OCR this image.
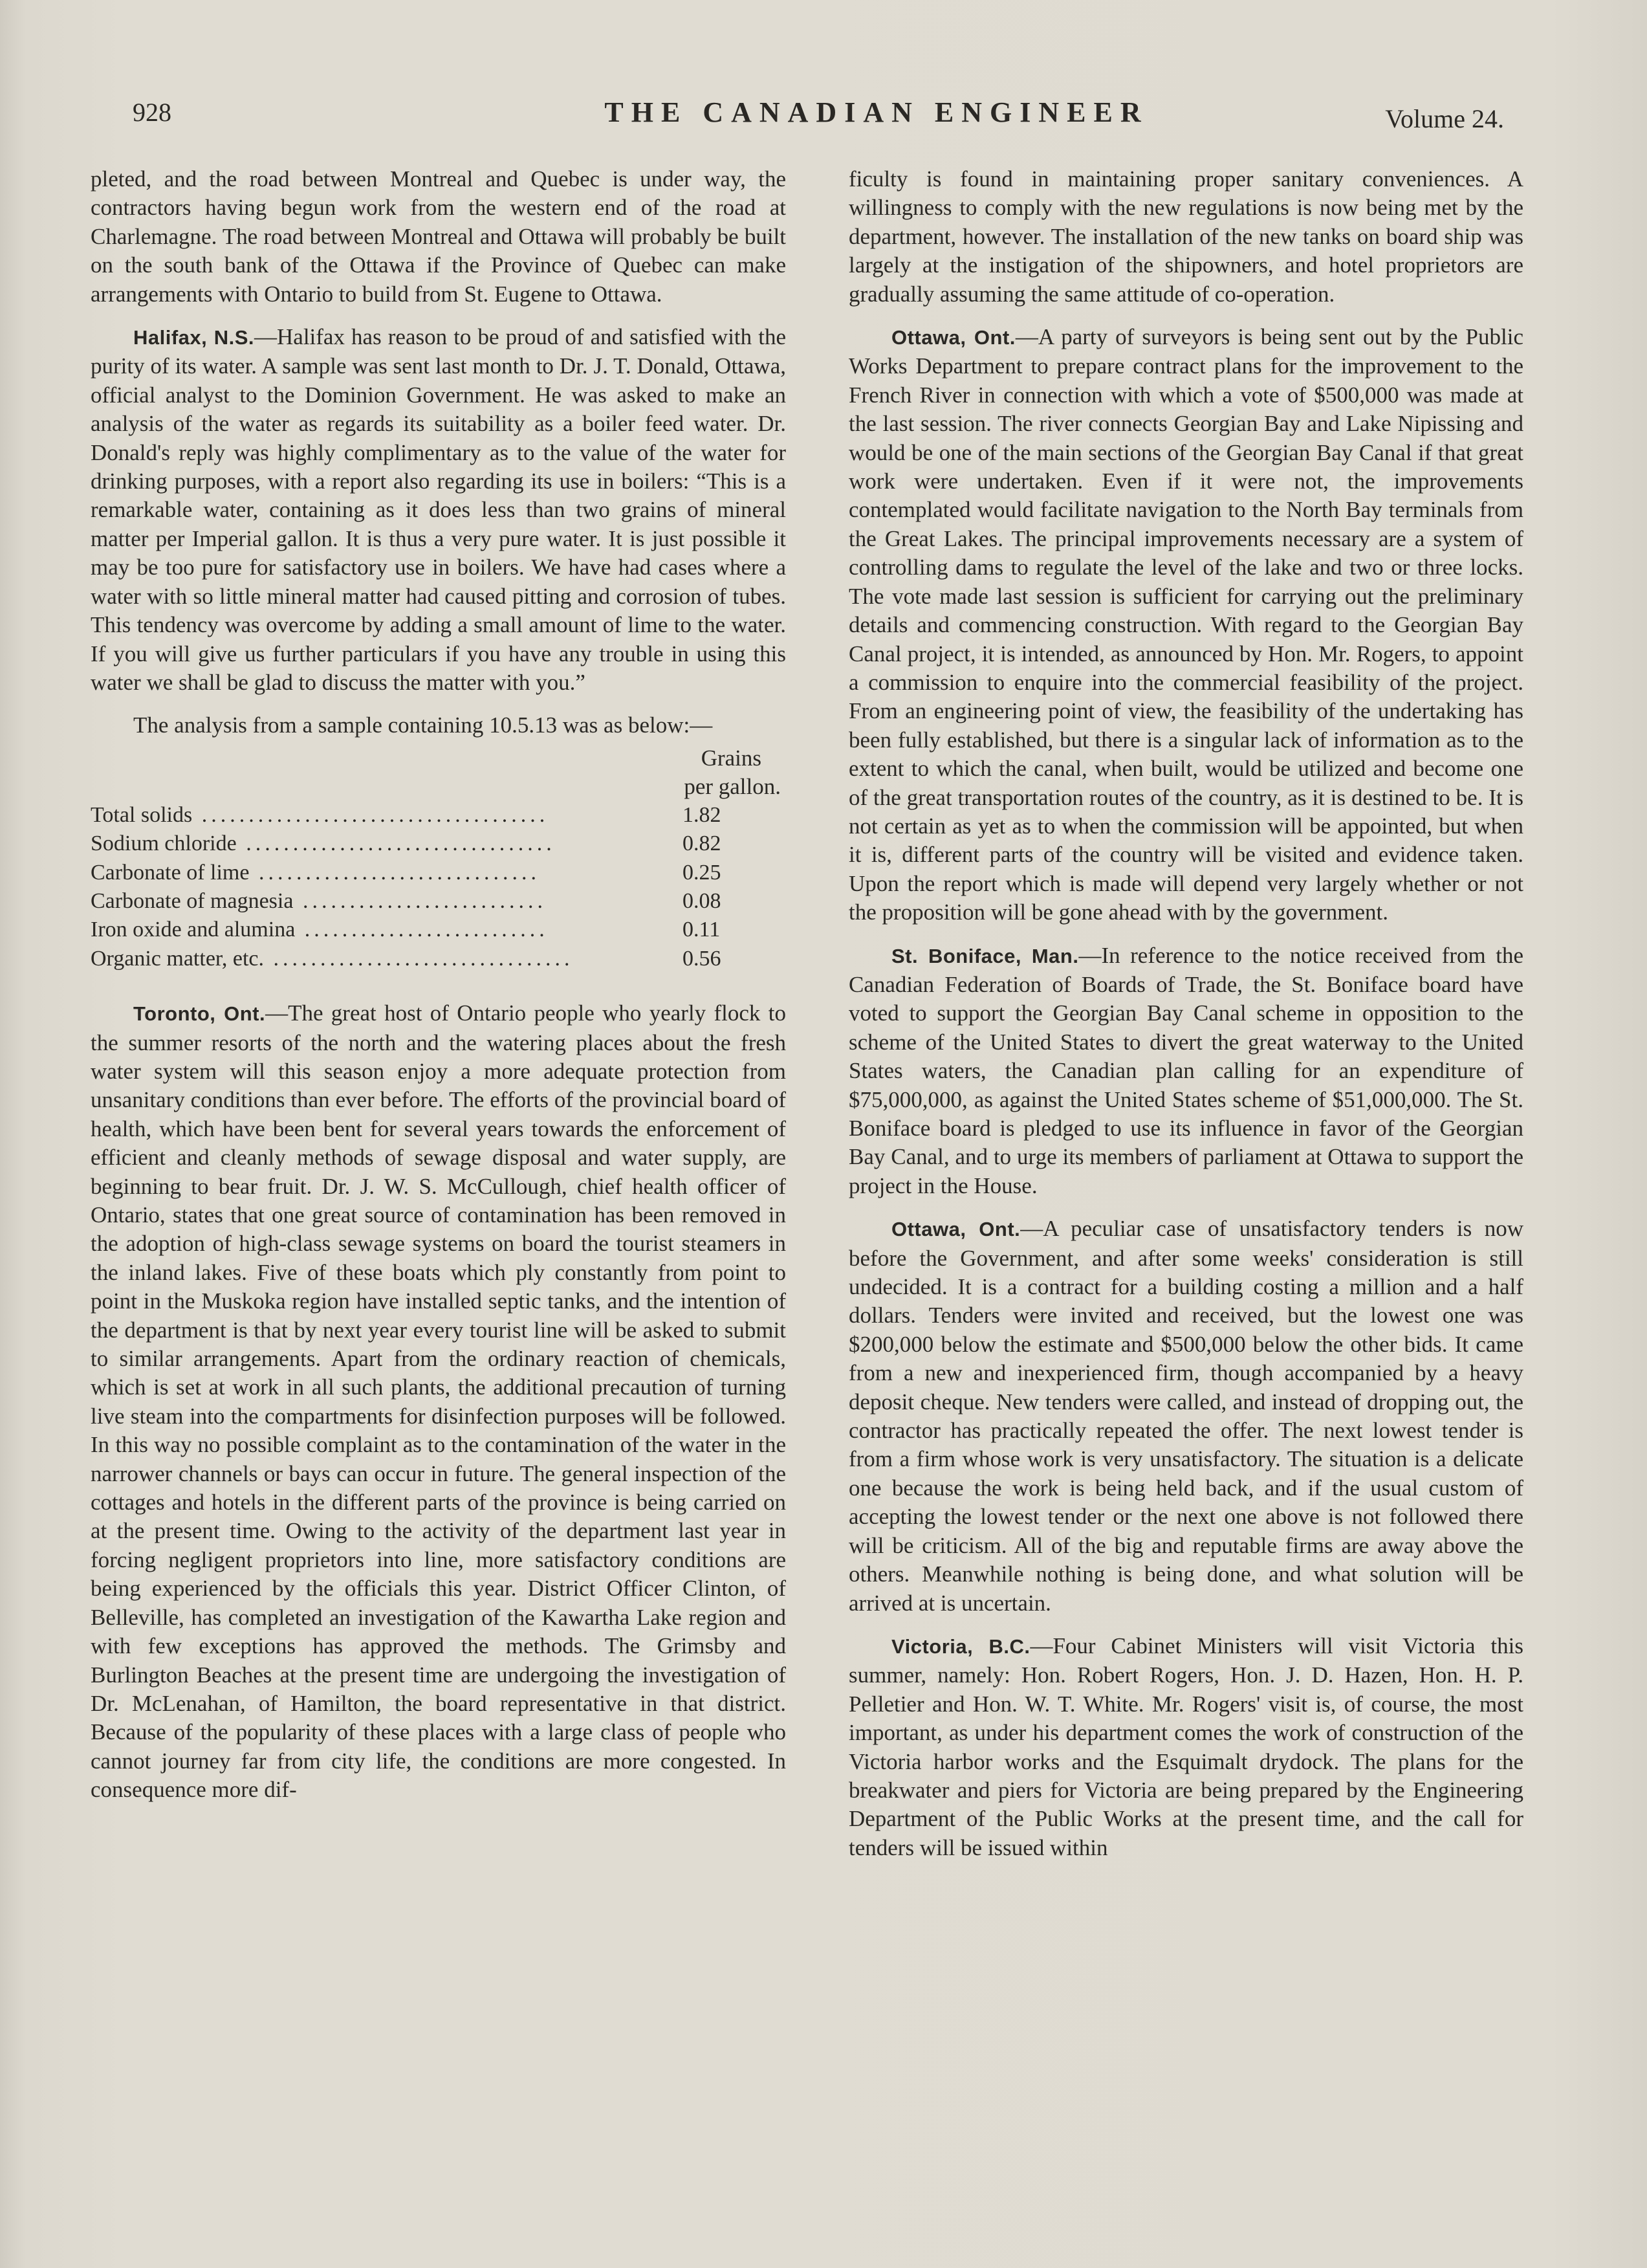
928	THE CANADIAN ENGINEER	Volume 24.

pleted, and the road between Montreal and Quebec is under way, the contractors having begun work from the western end of the road at Charlemagne. The road between Montreal and Ottawa will probably be built on the south bank of the Ottawa if the Province of Quebec can make arrangements with Ontario to build from St. Eugene to Ottawa.

Halifax, N.S.—Halifax has reason to be proud of and satisfied with the purity of its water. A sample was sent last month to Dr. J. T. Donald, Ottawa, official analyst to the Dominion Government. He was asked to make an analysis of the water as regards its suitability as a boiler feed water. Dr. Donald's reply was highly complimentary as to the value of the water for drinking purposes, with a report also regarding its use in boilers: “This is a remarkable water, containing as it does less than two grains of mineral matter per Imperial gallon. It is thus a very pure water. It is just possible it may be too pure for satisfactory use in boilers. We have had cases where a water with so little mineral matter had caused pitting and corrosion of tubes. This tendency was overcome by adding a small amount of lime to the water. If you will give us further particulars if you have any trouble in using this water we shall be glad to discuss the matter with you.”

The analysis from a sample containing 10.5.13 was as below:—

Grains
per gallon.
Total solids .....................................	1.82
Sodium chloride .................................	0.82
Carbonate of lime ..............................	0.25
Carbonate of magnesia ..........................	0.08
Iron oxide and alumina ..........................	0.11
Organic matter, etc. ................................	0.56

Toronto, Ont.—The great host of Ontario people who yearly flock to the summer resorts of the north and the watering places about the fresh water system will this season enjoy a more adequate protection from unsanitary conditions than ever before. The efforts of the provincial board of health, which have been bent for several years towards the enforcement of efficient and cleanly methods of sewage disposal and water supply, are beginning to bear fruit. Dr. J. W. S. McCullough, chief health officer of Ontario, states that one great source of contamination has been removed in the adoption of high-class sewage systems on board the tourist steamers in the inland lakes. Five of these boats which ply constantly from point to point in the Muskoka region have installed septic tanks, and the intention of the department is that by next year every tourist line will be asked to submit to similar arrangements. Apart from the ordinary reaction of chemicals, which is set at work in all such plants, the additional precaution of turning live steam into the compartments for disinfection purposes will be followed. In this way no possible complaint as to the contamination of the water in the narrower channels or bays can occur in future. The general inspection of the cottages and hotels in the different parts of the province is being carried on at the present time. Owing to the activity of the department last year in forcing negligent proprietors into line, more satisfactory conditions are being experienced by the officials this year. District Officer Clinton, of Belleville, has completed an investigation of the Kawartha Lake region and with few exceptions has approved the methods. The Grimsby and Burlington Beaches at the present time are undergoing the investigation of Dr. McLenahan, of Hamilton, the board representative in that district. Because of the popularity of these places with a large class of people who cannot journey far from city life, the conditions are more congested. In consequence more dif-

ficulty is found in maintaining proper sanitary conveniences. A willingness to comply with the new regulations is now being met by the department, however. The installation of the new tanks on board ship was largely at the instigation of the shipowners, and hotel proprietors are gradually assuming the same attitude of co-operation.

Ottawa, Ont.—A party of surveyors is being sent out by the Public Works Department to prepare contract plans for the improvement to the French River in connection with which a vote of $500,000 was made at the last session. The river connects Georgian Bay and Lake Nipissing and would be one of the main sections of the Georgian Bay Canal if that great work were undertaken. Even if it were not, the improvements contemplated would facilitate navigation to the North Bay terminals from the Great Lakes. The principal improvements necessary are a system of controlling dams to regulate the level of the lake and two or three locks. The vote made last session is sufficient for carrying out the preliminary details and commencing construction. With regard to the Georgian Bay Canal project, it is intended, as announced by Hon. Mr. Rogers, to appoint a commission to enquire into the commercial feasibility of the project. From an engineering point of view, the feasibility of the undertaking has been fully established, but there is a singular lack of information as to the extent to which the canal, when built, would be utilized and become one of the great transportation routes of the country, as it is destined to be. It is not certain as yet as to when the commission will be appointed, but when it is, different parts of the country will be visited and evidence taken. Upon the report which is made will depend very largely whether or not the proposition will be gone ahead with by the government.

St. Boniface, Man.—In reference to the notice received from the Canadian Federation of Boards of Trade, the St. Boniface board have voted to support the Georgian Bay Canal scheme in opposition to the scheme of the United States to divert the great waterway to the United States waters, the Canadian plan calling for an expenditure of $75,000,000, as against the United States scheme of $51,000,000. The St. Boniface board is pledged to use its influence in favor of the Georgian Bay Canal, and to urge its members of parliament at Ottawa to support the project in the House.

Ottawa, Ont.—A peculiar case of unsatisfactory tenders is now before the Government, and after some weeks' consideration is still undecided. It is a contract for a building costing a million and a half dollars. Tenders were invited and received, but the lowest one was $200,000 below the estimate and $500,000 below the other bids. It came from a new and inexperienced firm, though accompanied by a heavy deposit cheque. New tenders were called, and instead of dropping out, the contractor has practically repeated the offer. The next lowest tender is from a firm whose work is very unsatisfactory. The situation is a delicate one because the work is being held back, and if the usual custom of accepting the lowest tender or the next one above is not followed there will be criticism. All of the big and reputable firms are away above the others. Meanwhile nothing is being done, and what solution will be arrived at is uncertain.

Victoria, B.C.—Four Cabinet Ministers will visit Victoria this summer, namely: Hon. Robert Rogers, Hon. J. D. Hazen, Hon. H. P. Pelletier and Hon. W. T. White. Mr. Rogers' visit is, of course, the most important, as under his department comes the work of construction of the Victoria harbor works and the Esquimalt drydock. The plans for the breakwater and piers for Victoria are being prepared by the Engineering Department of the Public Works at the present time, and the call for tenders will be issued within
